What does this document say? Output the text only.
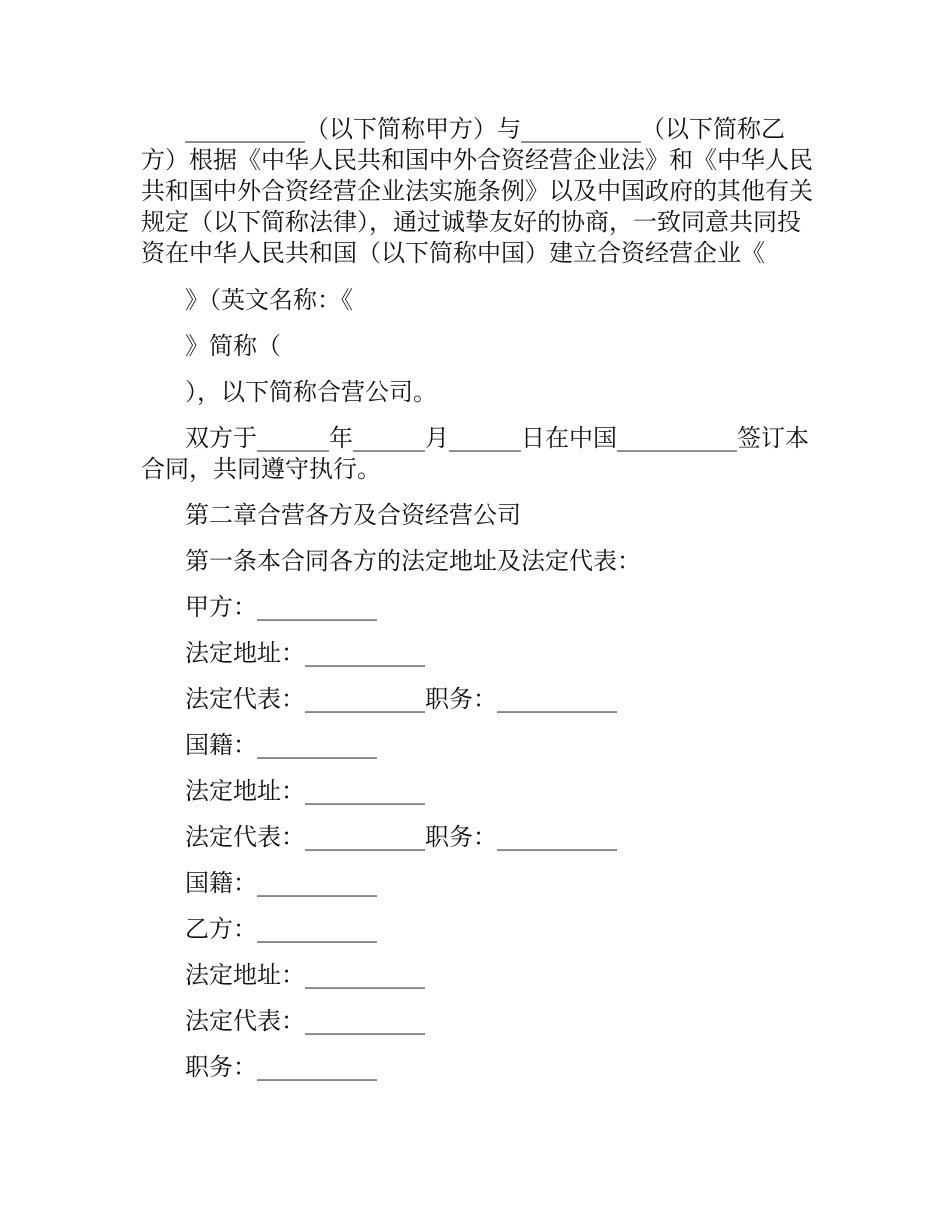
__________（以下简称甲方）与__________（以下简称乙方）根据《中华人民共和国中外合资经营企业法》和《中华人民共和国中外合资经营企业法实施条例》以及中国政府的其他有关规定（以下简称法律），通过诚挚友好的协商，一致同意共同投资在中华人民共和国（以下简称中国）建立合资经营企业《

》（英文名称：《

》简称（

），以下简称合营公司。

双方于______年______月______日在中国__________签订本合同，共同遵守执行。

第二章合营各方及合资经营公司

第一条本合同各方的法定地址及法定代表：

甲方：__________

法定地址：__________

法定代表：__________职务：__________

国籍：__________

法定地址：__________

法定代表：__________职务：__________

国籍：__________

乙方：__________

法定地址：__________

法定代表：__________

职务：__________
